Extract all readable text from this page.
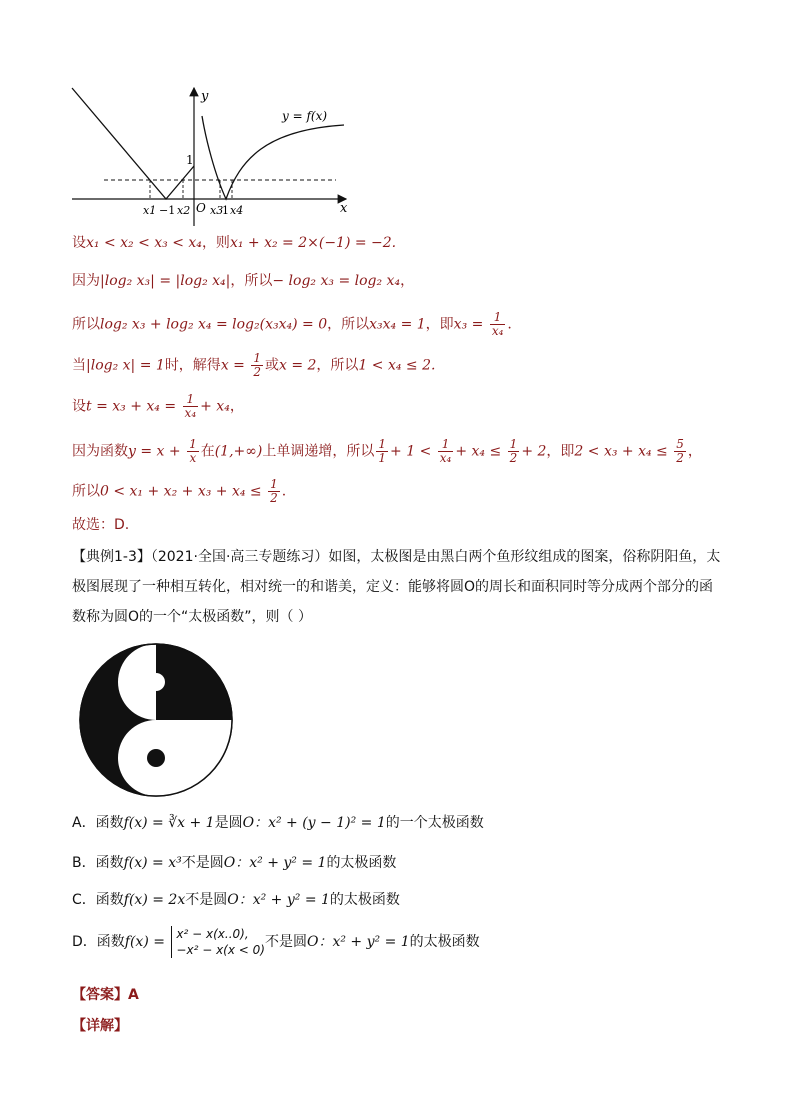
y
x
y = f(x)
1
x1 −1 x2 O x3
1 x4
设x₁ < x₂ < x₃ < x₄，则x₁ + x₂ = 2×(−1) = −2.
因为|log₂ x₃| = |log₂ x₄|，所以− log₂ x₃ = log₂ x₄，
所以log₂ x₃ + log₂ x₄ = log₂(x₃x₄) = 0，所以x₃x₄ = 1，即$x_3 = \frac{1}{\text{x₄}}$ .
当|log₂ x| = 1时，解得$x = \frac{1}{2}$ 或x = 2，所以1 < x₄ ≤ 2.
设$t = x_3 + x_4 = \frac{1}{\text{x₄}} + x_4$，
因为函数$y = x + \frac{1}{x}$ 在(1,+∞)上单调递增，所以 $\frac{1}{1} + 1 < \frac{1}{\text{x₄}} + x_4 \le \frac{1}{2} + 2$，即$2 < x_3 + x_4 \le \frac{5}{2}$ ，
所以$0 < x_1 + x_2 + x_3 + x_4 \le \frac{1}{2}$ .
故选：D.
【典例1-3】（2021·全国·高三专题练习）如图，太极图是由黑白两个鱼形纹组成的图案，俗称阴阳鱼，太极图展现了一种相互转化，相对统一的和谐美，定义：能够将圆O的周长和面积同时等分成两个部分的函数称为圆O的一个“太极函数”，则（ ）
A．函数f(x) = ∛x + 1是圆O：x² + (y − 1)² = 1的一个太极函数
B．函数f(x) = x³不是圆O：x² + y² = 1的太极函数
C．函数f(x) = 2x不是圆O：x² + y² = 1的太极函数
D．函数f(x) = x² − x(x..0),
−x² − x(x < 0) 不是圆O：x² + y² = 1的太极函数
【答案】A
【详解】
